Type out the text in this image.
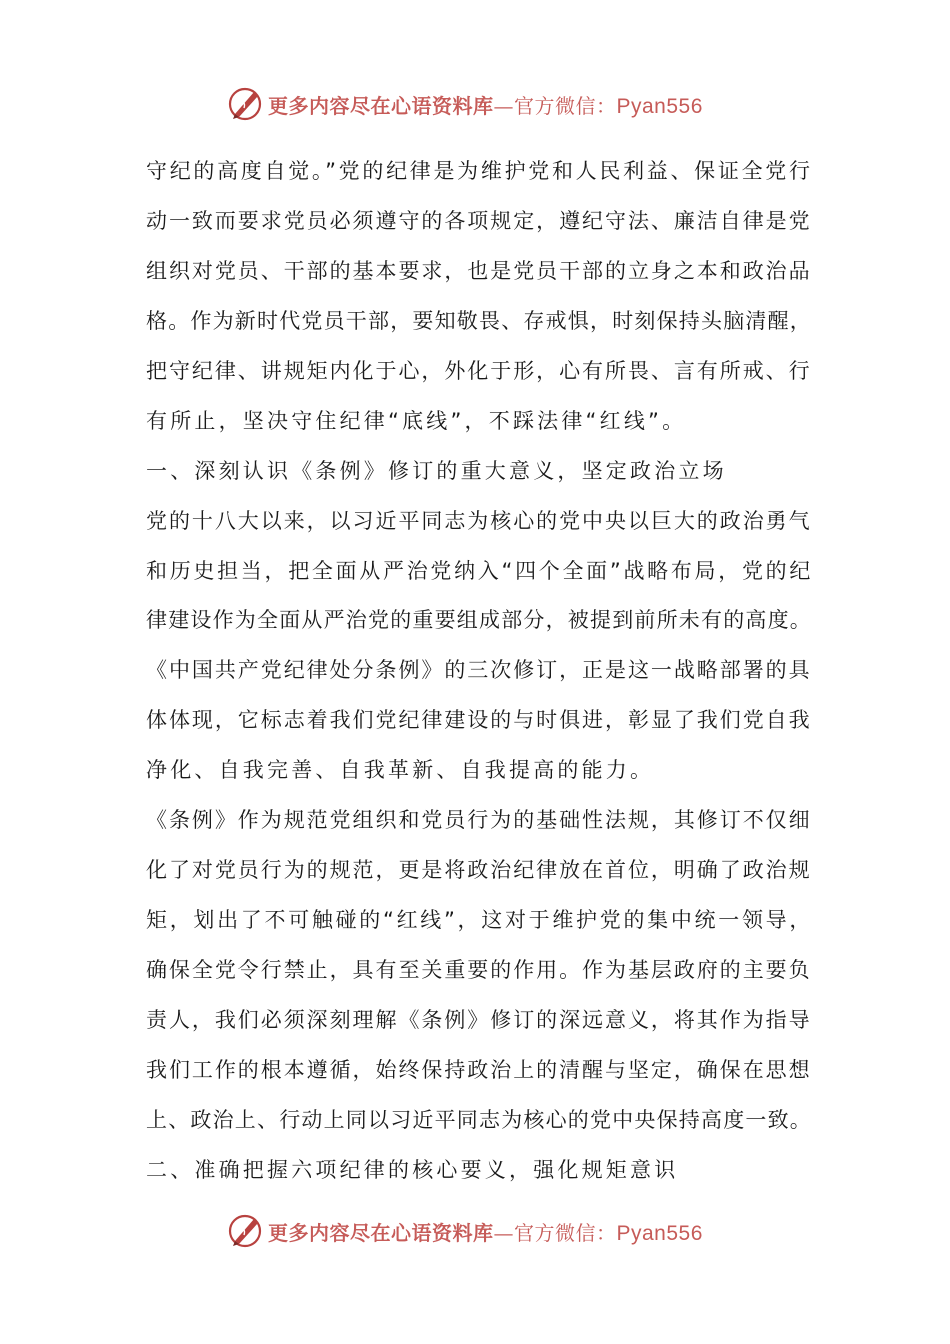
更多内容尽在心语资料库—官方微信：Pyan556
守纪的高度自觉。”党的纪律是为维护党和人民利益、保证全党行
动一致而要求党员必须遵守的各项规定，遵纪守法、廉洁自律是党
组织对党员、干部的基本要求，也是党员干部的立身之本和政治品
格。作为新时代党员干部，要知敬畏、存戒惧，时刻保持头脑清醒，
把守纪律、讲规矩内化于心，外化于形，心有所畏、言有所戒、行
有所止，坚决守住纪律“底线”，不踩法律“红线”。
一、深刻认识《条例》修订的重大意义，坚定政治立场
党的十八大以来，以习近平同志为核心的党中央以巨大的政治勇气
和历史担当，把全面从严治党纳入“四个全面”战略布局，党的纪
律建设作为全面从严治党的重要组成部分，被提到前所未有的高度。
《中国共产党纪律处分条例》的三次修订，正是这一战略部署的具
体体现，它标志着我们党纪律建设的与时俱进，彰显了我们党自我
净化、自我完善、自我革新、自我提高的能力。
《条例》作为规范党组织和党员行为的基础性法规，其修订不仅细
化了对党员行为的规范，更是将政治纪律放在首位，明确了政治规
矩，划出了不可触碰的“红线”，这对于维护党的集中统一领导，
确保全党令行禁止，具有至关重要的作用。作为基层政府的主要负
责人，我们必须深刻理解《条例》修订的深远意义，将其作为指导
我们工作的根本遵循，始终保持政治上的清醒与坚定，确保在思想
上、政治上、行动上同以习近平同志为核心的党中央保持高度一致。
二、准确把握六项纪律的核心要义，强化规矩意识
更多内容尽在心语资料库—官方微信：Pyan556
